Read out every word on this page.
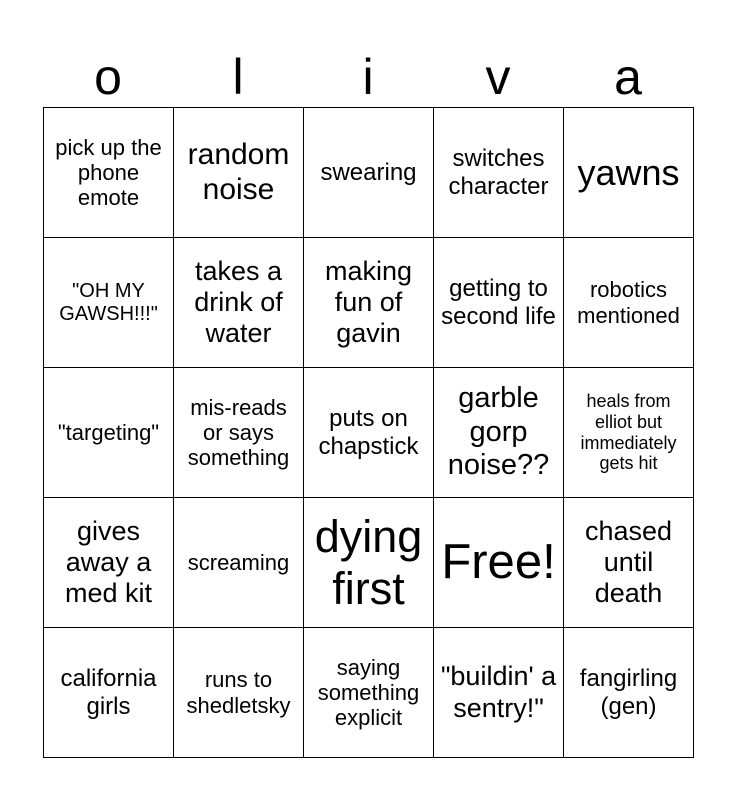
o	l	i	v	a
pick up the phone emote	random noise	swearing	switches character	yawns
"OH MY GAWSH!!!"	takes a drink of water	making fun of gavin	getting to second life	robotics mentioned
"targeting"	mis-reads or says something	puts on chapstick	garble gorp noise??	heals from elliot but immediately gets hit
gives away a med kit	screaming	dying first	Free!	chased until death
california girls	runs to shedletsky	saying something explicit	"buildin' a sentry!"	fangirling (gen)
